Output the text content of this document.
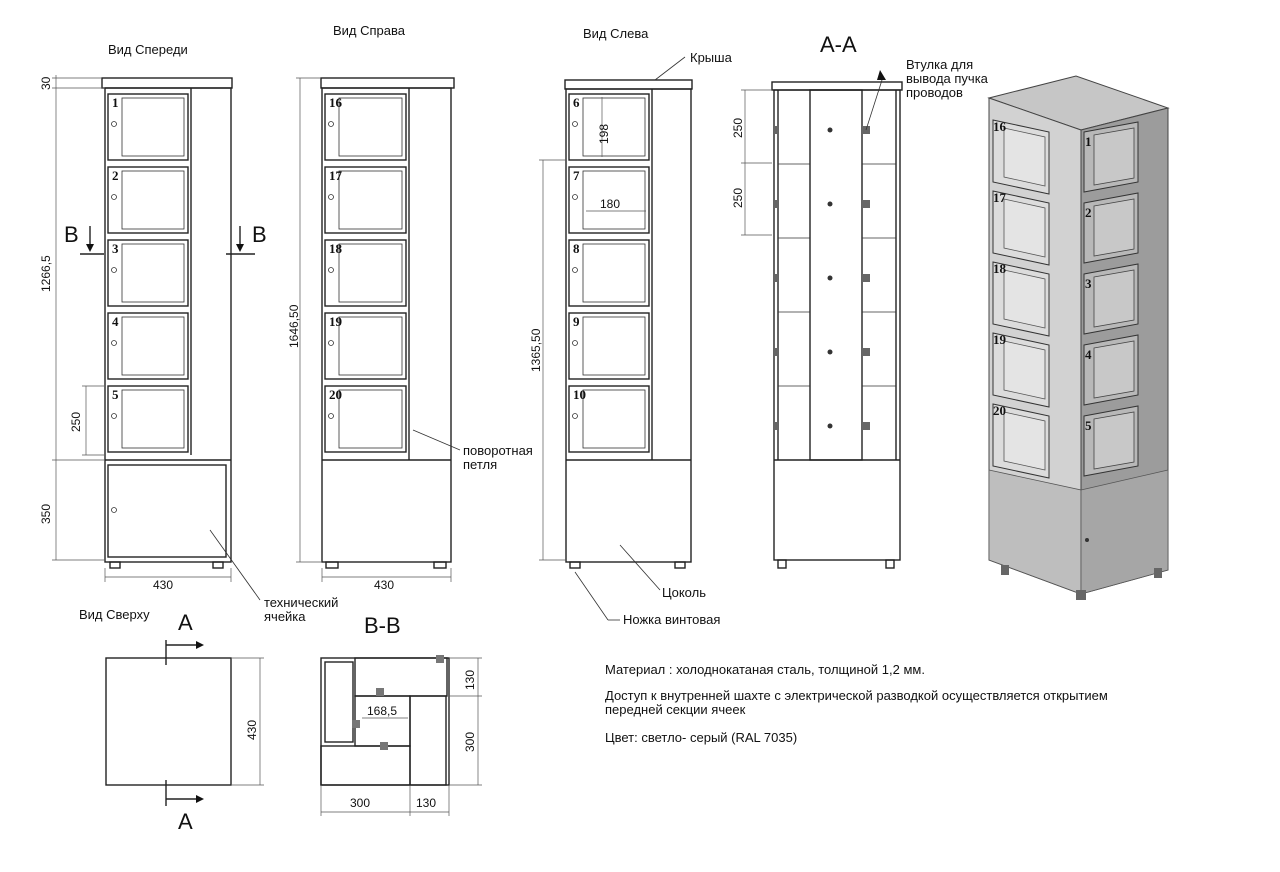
Вид Спереди
Вид Справа	Вид Слева
Вид Сверху
А-А
В-В
1
2
3
4
5
30
1266,5
350
250
430
В	В
технический
ячейка
16
17
18
19
20
1646,50
430
поворотная
петля
6
7
8
9
10
Крыша
1365,50
198
180
Цоколь
Ножка винтовая
250
250
Втулка для
вывода пучка
проводов
А
А
430
168,5
130
300
300	130
16
17
18
19
20
1
2
3
4
5
Материал : холоднокатаная сталь, толщиной 1,2 мм.
Доступ к внутренней шахте с электрической разводкой осуществляется открытием
передней секции ячеек
Цвет: светло- серый (RAL 7035)
